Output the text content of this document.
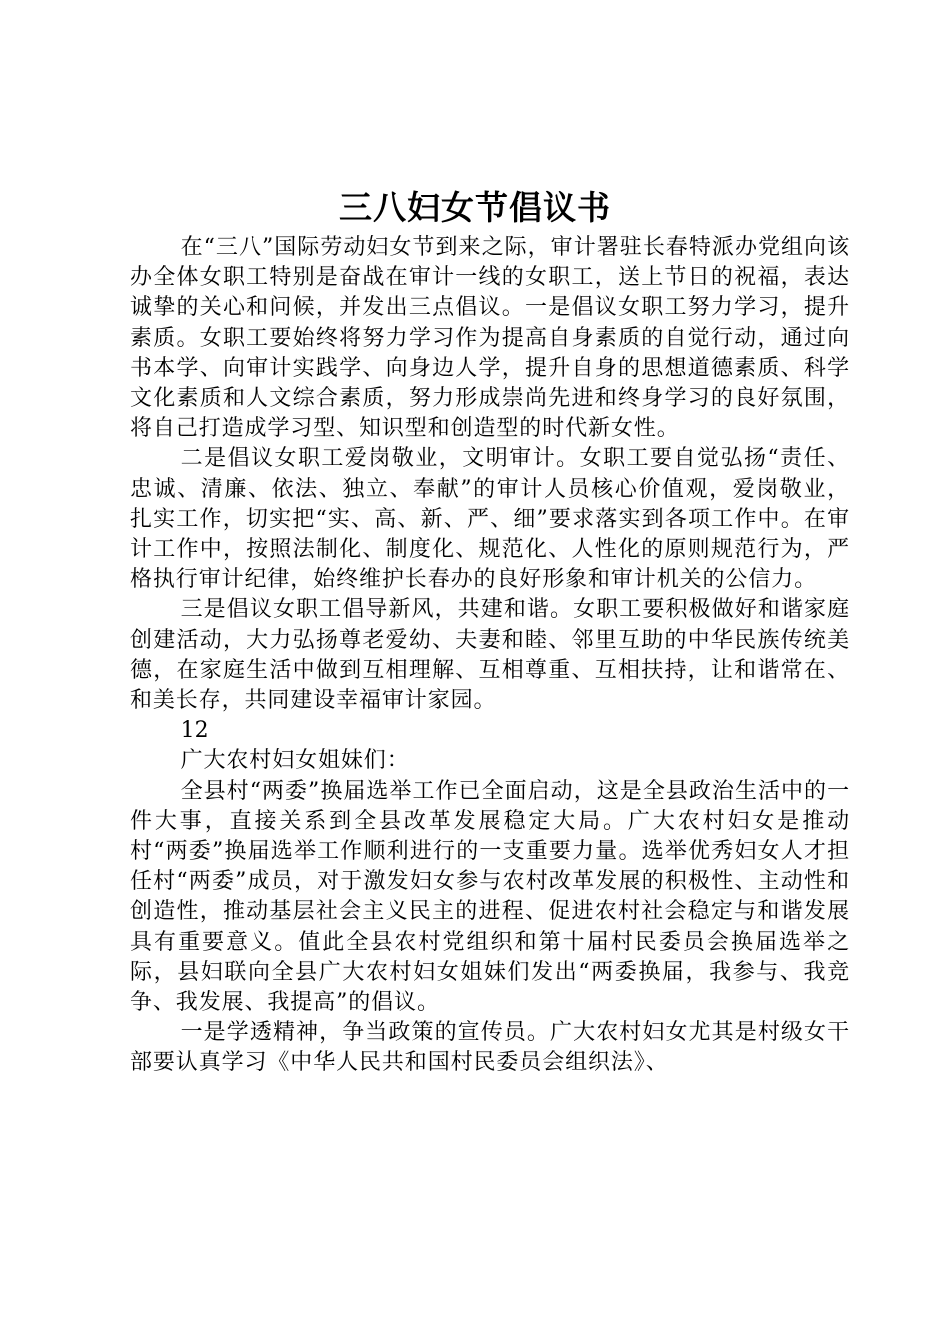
三八妇女节倡议书

在“三八”国际劳动妇女节到来之际，审计署驻长春特派办党组向该办全体女职工特别是奋战在审计一线的女职工，送上节日的祝福，表达诚挚的关心和问候，并发出三点倡议。一是倡议女职工努力学习，提升素质。女职工要始终将努力学习作为提高自身素质的自觉行动，通过向书本学、向审计实践学、向身边人学，提升自身的思想道德素质、科学文化素质和人文综合素质，努力形成崇尚先进和终身学习的良好氛围，将自己打造成学习型、知识型和创造型的时代新女性。

二是倡议女职工爱岗敬业，文明审计。女职工要自觉弘扬“责任、忠诚、清廉、依法、独立、奉献”的审计人员核心价值观，爱岗敬业，扎实工作，切实把“实、高、新、严、细”要求落实到各项工作中。在审计工作中，按照法制化、制度化、规范化、人性化的原则规范行为，严格执行审计纪律，始终维护长春办的良好形象和审计机关的公信力。

三是倡议女职工倡导新风，共建和谐。女职工要积极做好和谐家庭创建活动，大力弘扬尊老爱幼、夫妻和睦、邻里互助的中华民族传统美德，在家庭生活中做到互相理解、互相尊重、互相扶持，让和谐常在、和美长存，共同建设幸福审计家园。

12

广大农村妇女姐妹们：

全县村“两委”换届选举工作已全面启动，这是全县政治生活中的一件大事，直接关系到全县改革发展稳定大局。广大农村妇女是推动村“两委”换届选举工作顺利进行的一支重要力量。选举优秀妇女人才担任村“两委”成员，对于激发妇女参与农村改革发展的积极性、主动性和创造性，推动基层社会主义民主的进程、促进农村社会稳定与和谐发展具有重要意义。值此全县农村党组织和第十届村民委员会换届选举之际，县妇联向全县广大农村妇女姐妹们发出“两委换届，我参与、我竞争、我发展、我提高”的倡议。

一是学透精神，争当政策的宣传员。广大农村妇女尤其是村级女干部要认真学习《中华人民共和国村民委员会组织法》、
